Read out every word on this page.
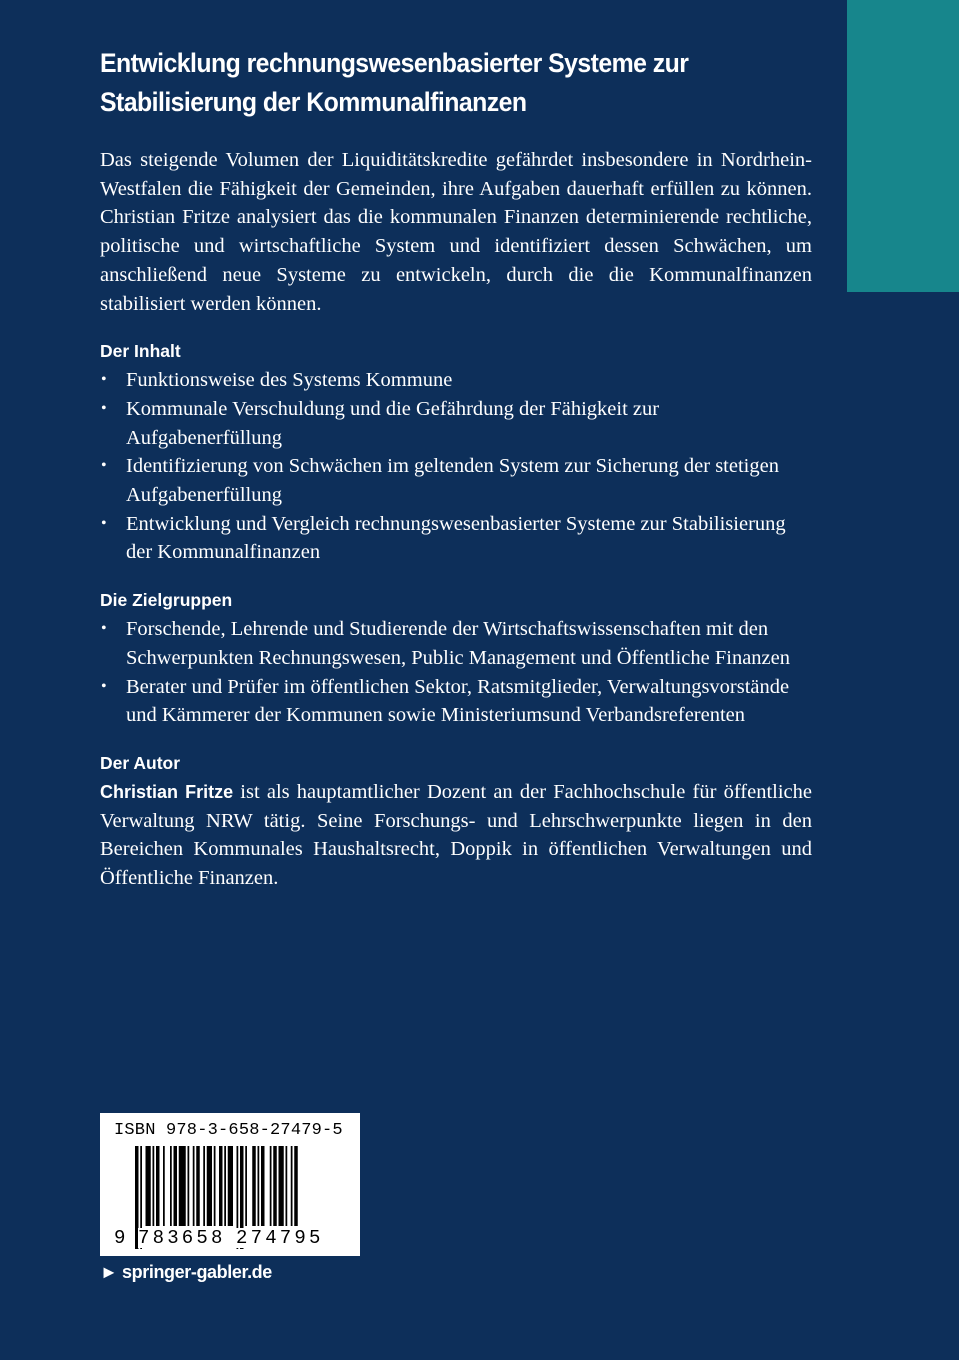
Entwicklung rechnungswesenbasierter Systeme zur
Stabilisierung der Kommunalfinanzen

Das steigende Volumen der Liquiditätskredite gefährdet insbesondere in Nordrhein-Westfalen die Fähigkeit der Gemeinden, ihre Aufgaben dauerhaft erfüllen zu können. Christian Fritze analysiert das die kommunalen Finanzen determinierende rechtliche, politische und wirtschaftliche System und identifiziert dessen Schwächen, um anschließend neue Systeme zu entwickeln, durch die die Kommunalfinanzen stabilisiert werden können.

Der Inhalt
• Funktionsweise des Systems Kommune
• Kommunale Verschuldung und die Gefährdung der Fähigkeit zur Aufgabenerfüllung
• Identifizierung von Schwächen im geltenden System zur Sicherung der stetigen Aufgabenerfüllung
• Entwicklung und Vergleich rechnungswesenbasierter Systeme zur Stabilisierung der Kommunalfinanzen
Die Zielgruppen
• Forschende, Lehrende und Studierende der Wirtschaftswissenschaften mit den Schwerpunkten Rechnungswesen, Public Management und Öffentliche Finanzen
• Berater und Prüfer im öffentlichen Sektor, Ratsmitglieder, Verwaltungsvorstände und Kämmerer der Kommunen sowie Ministeriumsund Verbandsreferenten
Der Autor

Christian Fritze ist als hauptamtlicher Dozent an der Fachhochschule für öffentliche Verwaltung NRW tätig. Seine Forschungs- und Lehrschwerpunkte liegen in den Bereichen Kommunales Haushaltsrecht, Doppik in öffentlichen Verwaltungen und Öffentliche Finanzen.

ISBN 978-3-658-27479-5
9 783658 274795
► springer-gabler.de
